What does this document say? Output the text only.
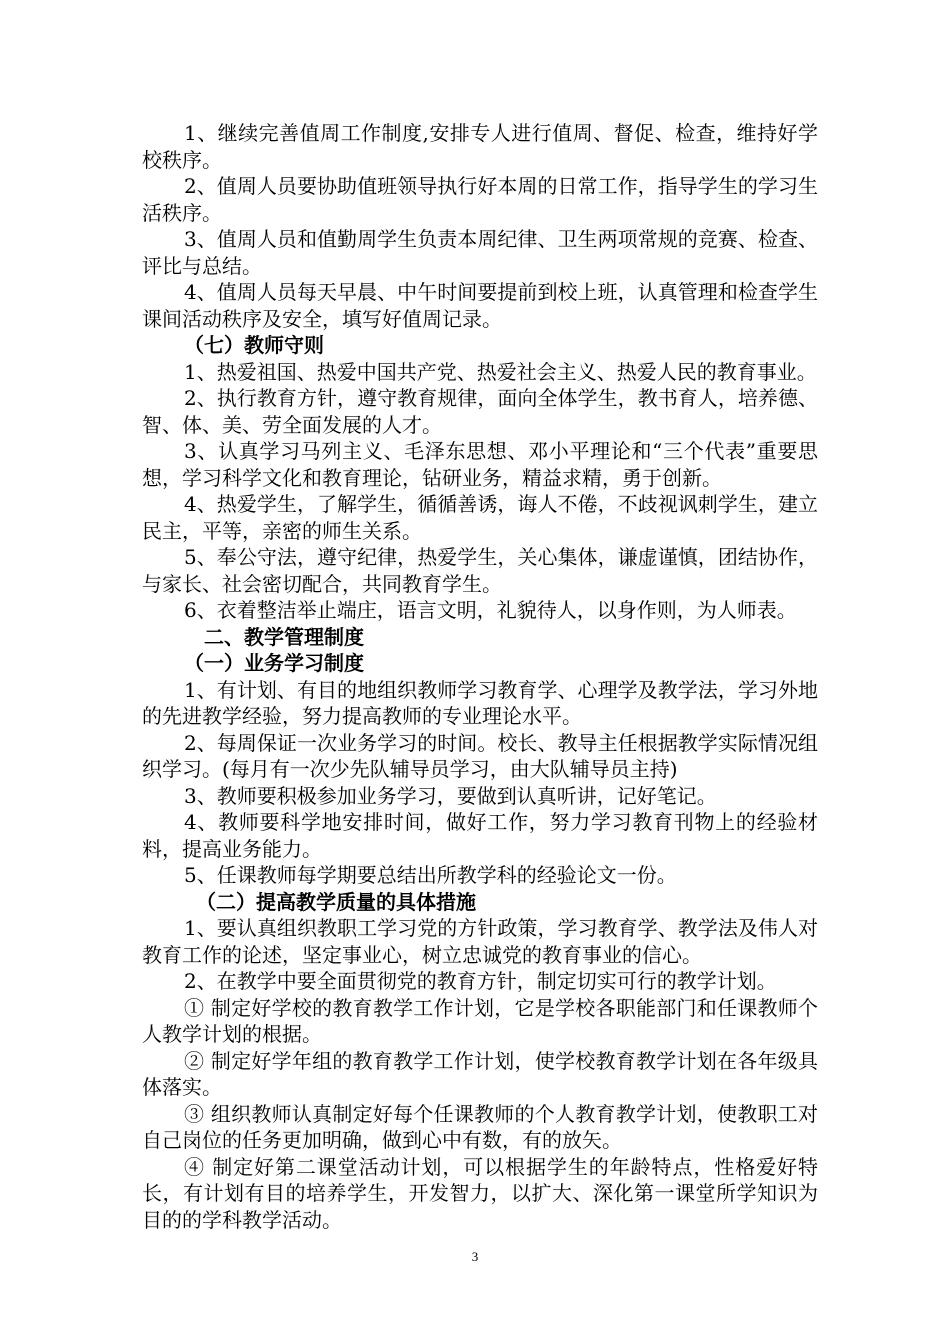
1、继续完善值周工作制度,安排专人进行值周、督促、检查，维持好学校秩序。

2、值周人员要协助值班领导执行好本周的日常工作，指导学生的学习生活秩序。

3、值周人员和值勤周学生负责本周纪律、卫生两项常规的竞赛、检查、评比与总结。

4、值周人员每天早晨、中午时间要提前到校上班，认真管理和检查学生课间活动秩序及安全，填写好值周记录。

（七）教师守则

1、热爱祖国、热爱中国共产党、热爱社会主义、热爱人民的教育事业。

2、执行教育方针，遵守教育规律，面向全体学生，教书育人，培养德、智、体、美、劳全面发展的人才。

3、认真学习马列主义、毛泽东思想、邓小平理论和“三个代表”重要思想，学习科学文化和教育理论，钻研业务，精益求精，勇于创新。

4、热爱学生，了解学生，循循善诱，诲人不倦，不歧视讽刺学生，建立民主，平等，亲密的师生关系。

5、奉公守法，遵守纪律，热爱学生，关心集体，谦虚谨慎，团结协作，与家长、社会密切配合，共同教育学生。

6、衣着整洁举止端庄，语言文明，礼貌待人，以身作则，为人师表。

二、教学管理制度

（一）业务学习制度

1、有计划、有目的地组织教师学习教育学、心理学及教学法，学习外地的先进教学经验，努力提高教师的专业理论水平。

2、每周保证一次业务学习的时间。校长、教导主任根据教学实际情况组织学习。(每月有一次少先队辅导员学习，由大队辅导员主持)

3、教师要积极参加业务学习，要做到认真听讲，记好笔记。

4、教师要科学地安排时间，做好工作，努力学习教育刊物上的经验材料，提高业务能力。

5、任课教师每学期要总结出所教学科的经验论文一份。

（二）提高教学质量的具体措施

1、要认真组织教职工学习党的方针政策，学习教育学、教学法及伟人对教育工作的论述，坚定事业心，树立忠诚党的教育事业的信心。

2、在教学中要全面贯彻党的教育方针，制定切实可行的教学计划。

① 制定好学校的教育教学工作计划，它是学校各职能部门和任课教师个人教学计划的根据。

② 制定好学年组的教育教学工作计划，使学校教育教学计划在各年级具体落实。

③ 组织教师认真制定好每个任课教师的个人教育教学计划，使教职工对自己岗位的任务更加明确，做到心中有数，有的放矢。

④ 制定好第二课堂活动计划，可以根据学生的年龄特点，性格爱好特长，有计划有目的培养学生，开发智力，以扩大、深化第一课堂所学知识为目的的学科教学活动。

3
